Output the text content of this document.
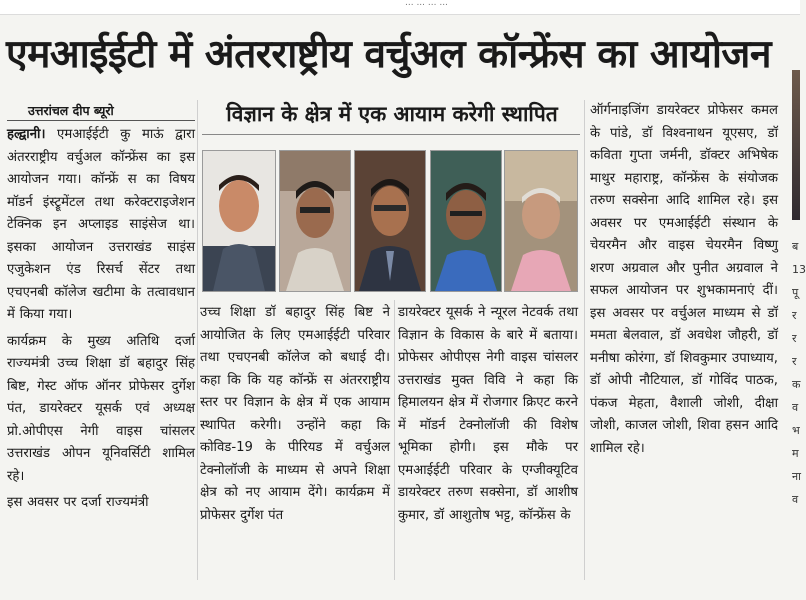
... ... ... ...
एमआईईटी में अंतरराष्ट्रीय वर्चुअल कॉन्फ्रेंस का आयोजन
ब 13 पू र र र क व भ म ना व
उत्तरांचल दीप ब्यूरो

हल्द्वानी। एमआईईटी कु माऊं द्वारा अंतरराष्ट्रीय वर्चुअल कॉन्फ्रेंस का इस आयोजन गया। कॉन्फ्रें स का विषय मॉडर्न इंस्ट्रूमेंटल तथा करेक्टराइजेशन टेक्निक इन अप्लाइड साइंसेज था। इसका आयोजन उत्तराखंड साइंस एजुकेशन एंड रिसर्च सेंटर तथा एचएनबी कॉलेज खटीमा के तत्वावधान में किया गया।

कार्यक्रम के मुख्य अतिथि दर्जा राज्यमंत्री उच्च शिक्षा डॉ बहादुर सिंह बिष्ट, गेस्ट ऑफ ऑनर प्रोफेसर दुर्गेश पंत, डायरेक्टर यूसर्क एवं अध्यक्ष प्रो.ओपीएस नेगी वाइस चांसलर उत्तराखंड ओपन यूनिवर्सिटी शामिल रहे।

इस अवसर पर दर्जा राज्यमंत्री

विज्ञान के क्षेत्र में एक आयाम करेगी स्थापित
उच्च शिक्षा डॉ बहादुर सिंह बिष्ट ने आयोजित के लिए एमआईईटी परिवार तथा एचएनबी कॉलेज को बधाई दी। कहा कि कि यह कॉन्फ्रें स अंतरराष्ट्रीय स्तर पर विज्ञान के क्षेत्र में एक आयाम स्थापित करेगी। उन्होंने कहा कि कोविड-19 के पीरियड में वर्चुअल टेक्नोलॉजी के माध्यम से अपने शिक्षा क्षेत्र को नए आयाम देंगे। कार्यक्रम में प्रोफेसर दुर्गेश पंत
डायरेक्टर यूसर्क ने न्यूरल नेटवर्क तथा विज्ञान के विकास के बारे में बताया। प्रोफेसर ओपीएस नेगी वाइस चांसलर उत्तराखंड मुक्त विवि ने कहा कि हिमालयन क्षेत्र में रोजगार क्रिएट करने में मॉडर्न टेक्नोलॉजी की विशेष भूमिका होगी। इस मौके पर एमआईईटी परिवार के एग्जीक्यूटिव डायरेक्टर तरुण सक्सेना, डॉ आशीष कुमार, डॉ आशुतोष भट्ट, कॉन्फ्रेंस के

ऑर्गनाइजिंग डायरेक्टर प्रोफेसर कमल के पांडे, डॉ विश्वनाथन यूएसए, डॉ कविता गुप्ता जर्मनी, डॉक्टर अभिषेक माथुर महाराष्ट्र, कॉन्फ्रेंस के संयोजक तरुण सक्सेना आदि शामिल रहे। इस अवसर पर एमआईईटी संस्थान के चेयरमैन और वाइस चेयरमैन विष्णु शरण अग्रवाल और पुनीत अग्रवाल ने सफल आयोजन पर शुभकामनाएं दीं। इस अवसर पर वर्चुअल माध्यम से डॉ ममता बेलवाल, डॉ अवधेश जौहरी, डॉ मनीषा कोरंगा, डॉ शिवकुमार उपाध्याय, डॉ ओपी नौटियाल, डॉ गोविंद पाठक, पंकज मेहता, वैशाली जोशी, दीक्षा जोशी, काजल जोशी, शिवा हसन आदि शामिल रहे।
